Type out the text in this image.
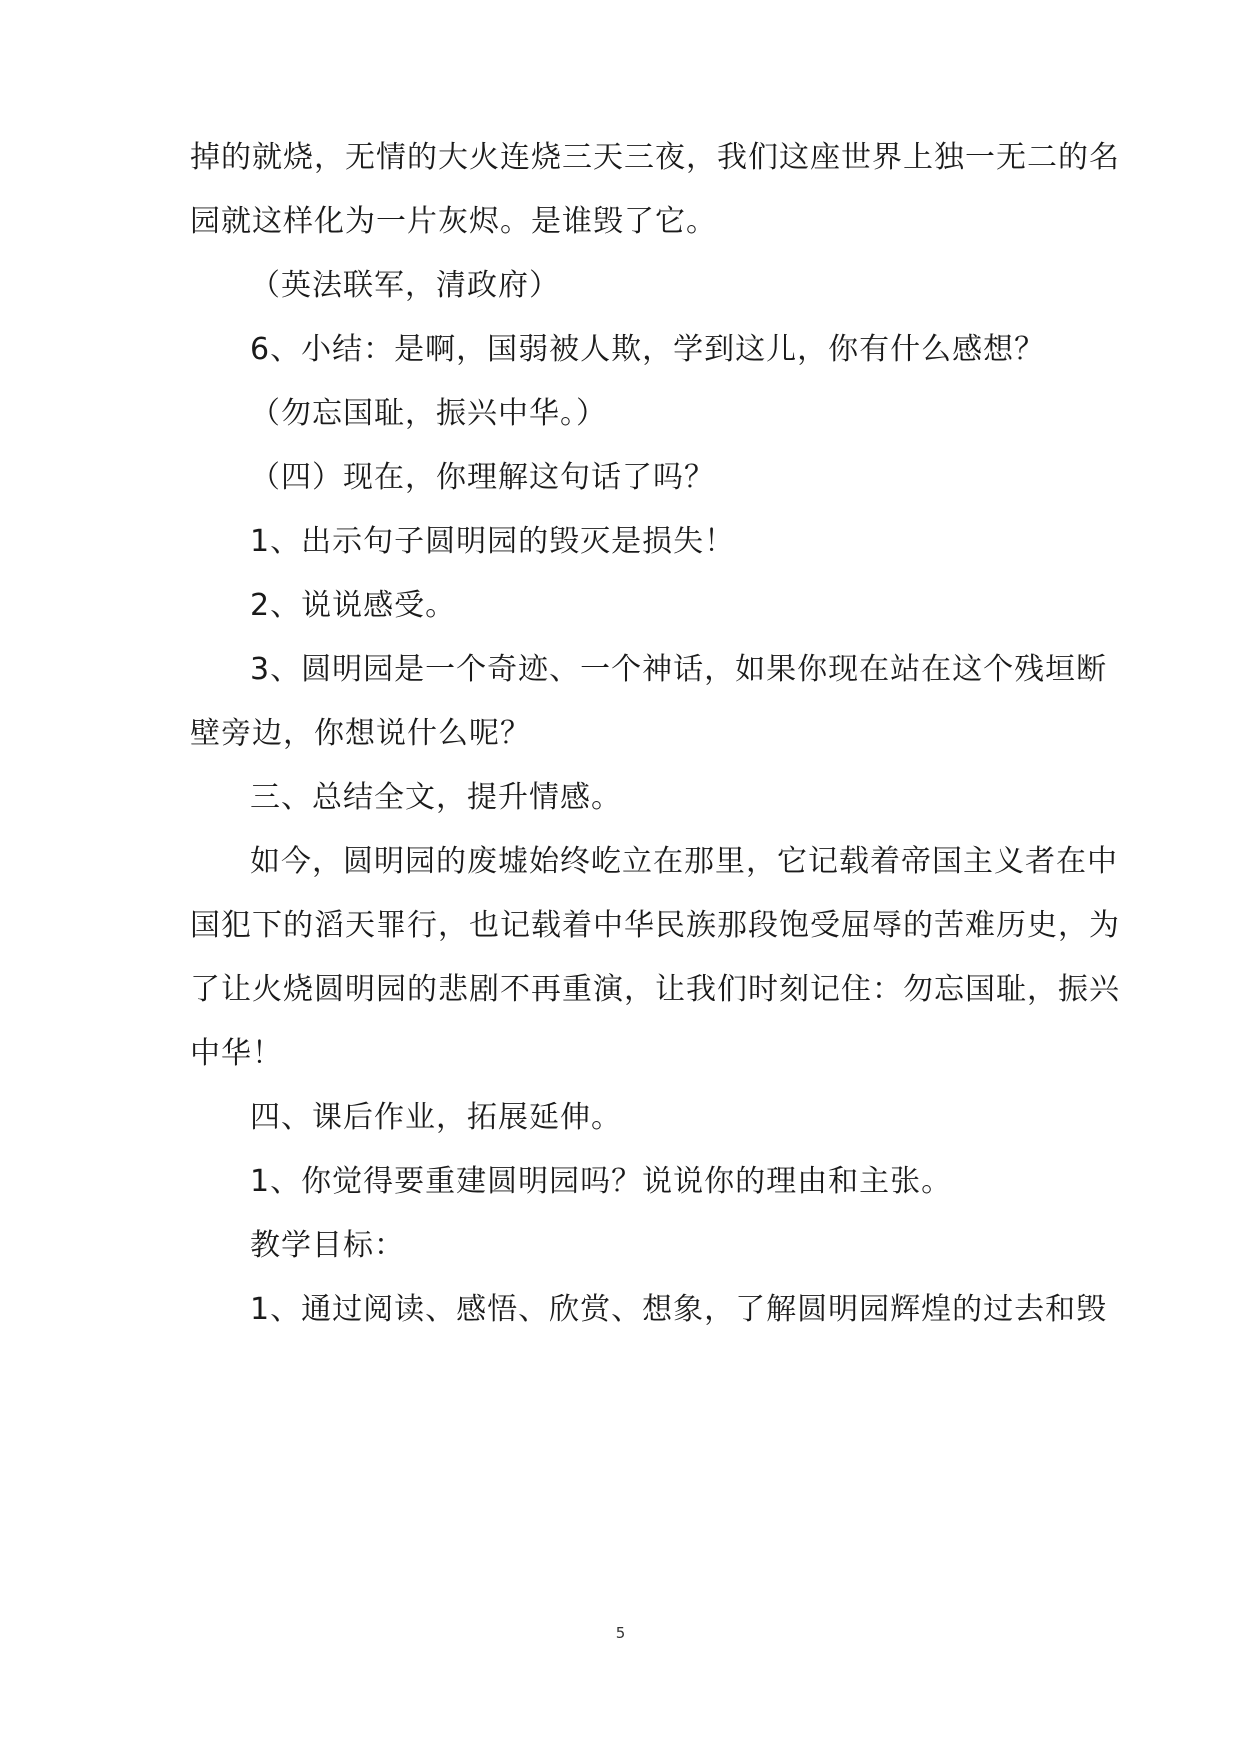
掉的就烧，无情的大火连烧三天三夜，我们这座世界上独一无二的名
园就这样化为一片灰烬。是谁毁了它。
（英法联军，清政府）
6、小结：是啊，国弱被人欺，学到这儿，你有什么感想？
（勿忘国耻，振兴中华。）
（四）现在，你理解这句话了吗？
1、出示句子圆明园的毁灭是损失！
2、说说感受。
3、圆明园是一个奇迹、一个神话，如果你现在站在这个残垣断
壁旁边，你想说什么呢？
三、总结全文，提升情感。
如今，圆明园的废墟始终屹立在那里，它记载着帝国主义者在中
国犯下的滔天罪行，也记载着中华民族那段饱受屈辱的苦难历史，为
了让火烧圆明园的悲剧不再重演，让我们时刻记住：勿忘国耻，振兴
中华！
四、课后作业，拓展延伸。
1、你觉得要重建圆明园吗？说说你的理由和主张。
教学目标：
1、通过阅读、感悟、欣赏、想象，了解圆明园辉煌的过去和毁
5
